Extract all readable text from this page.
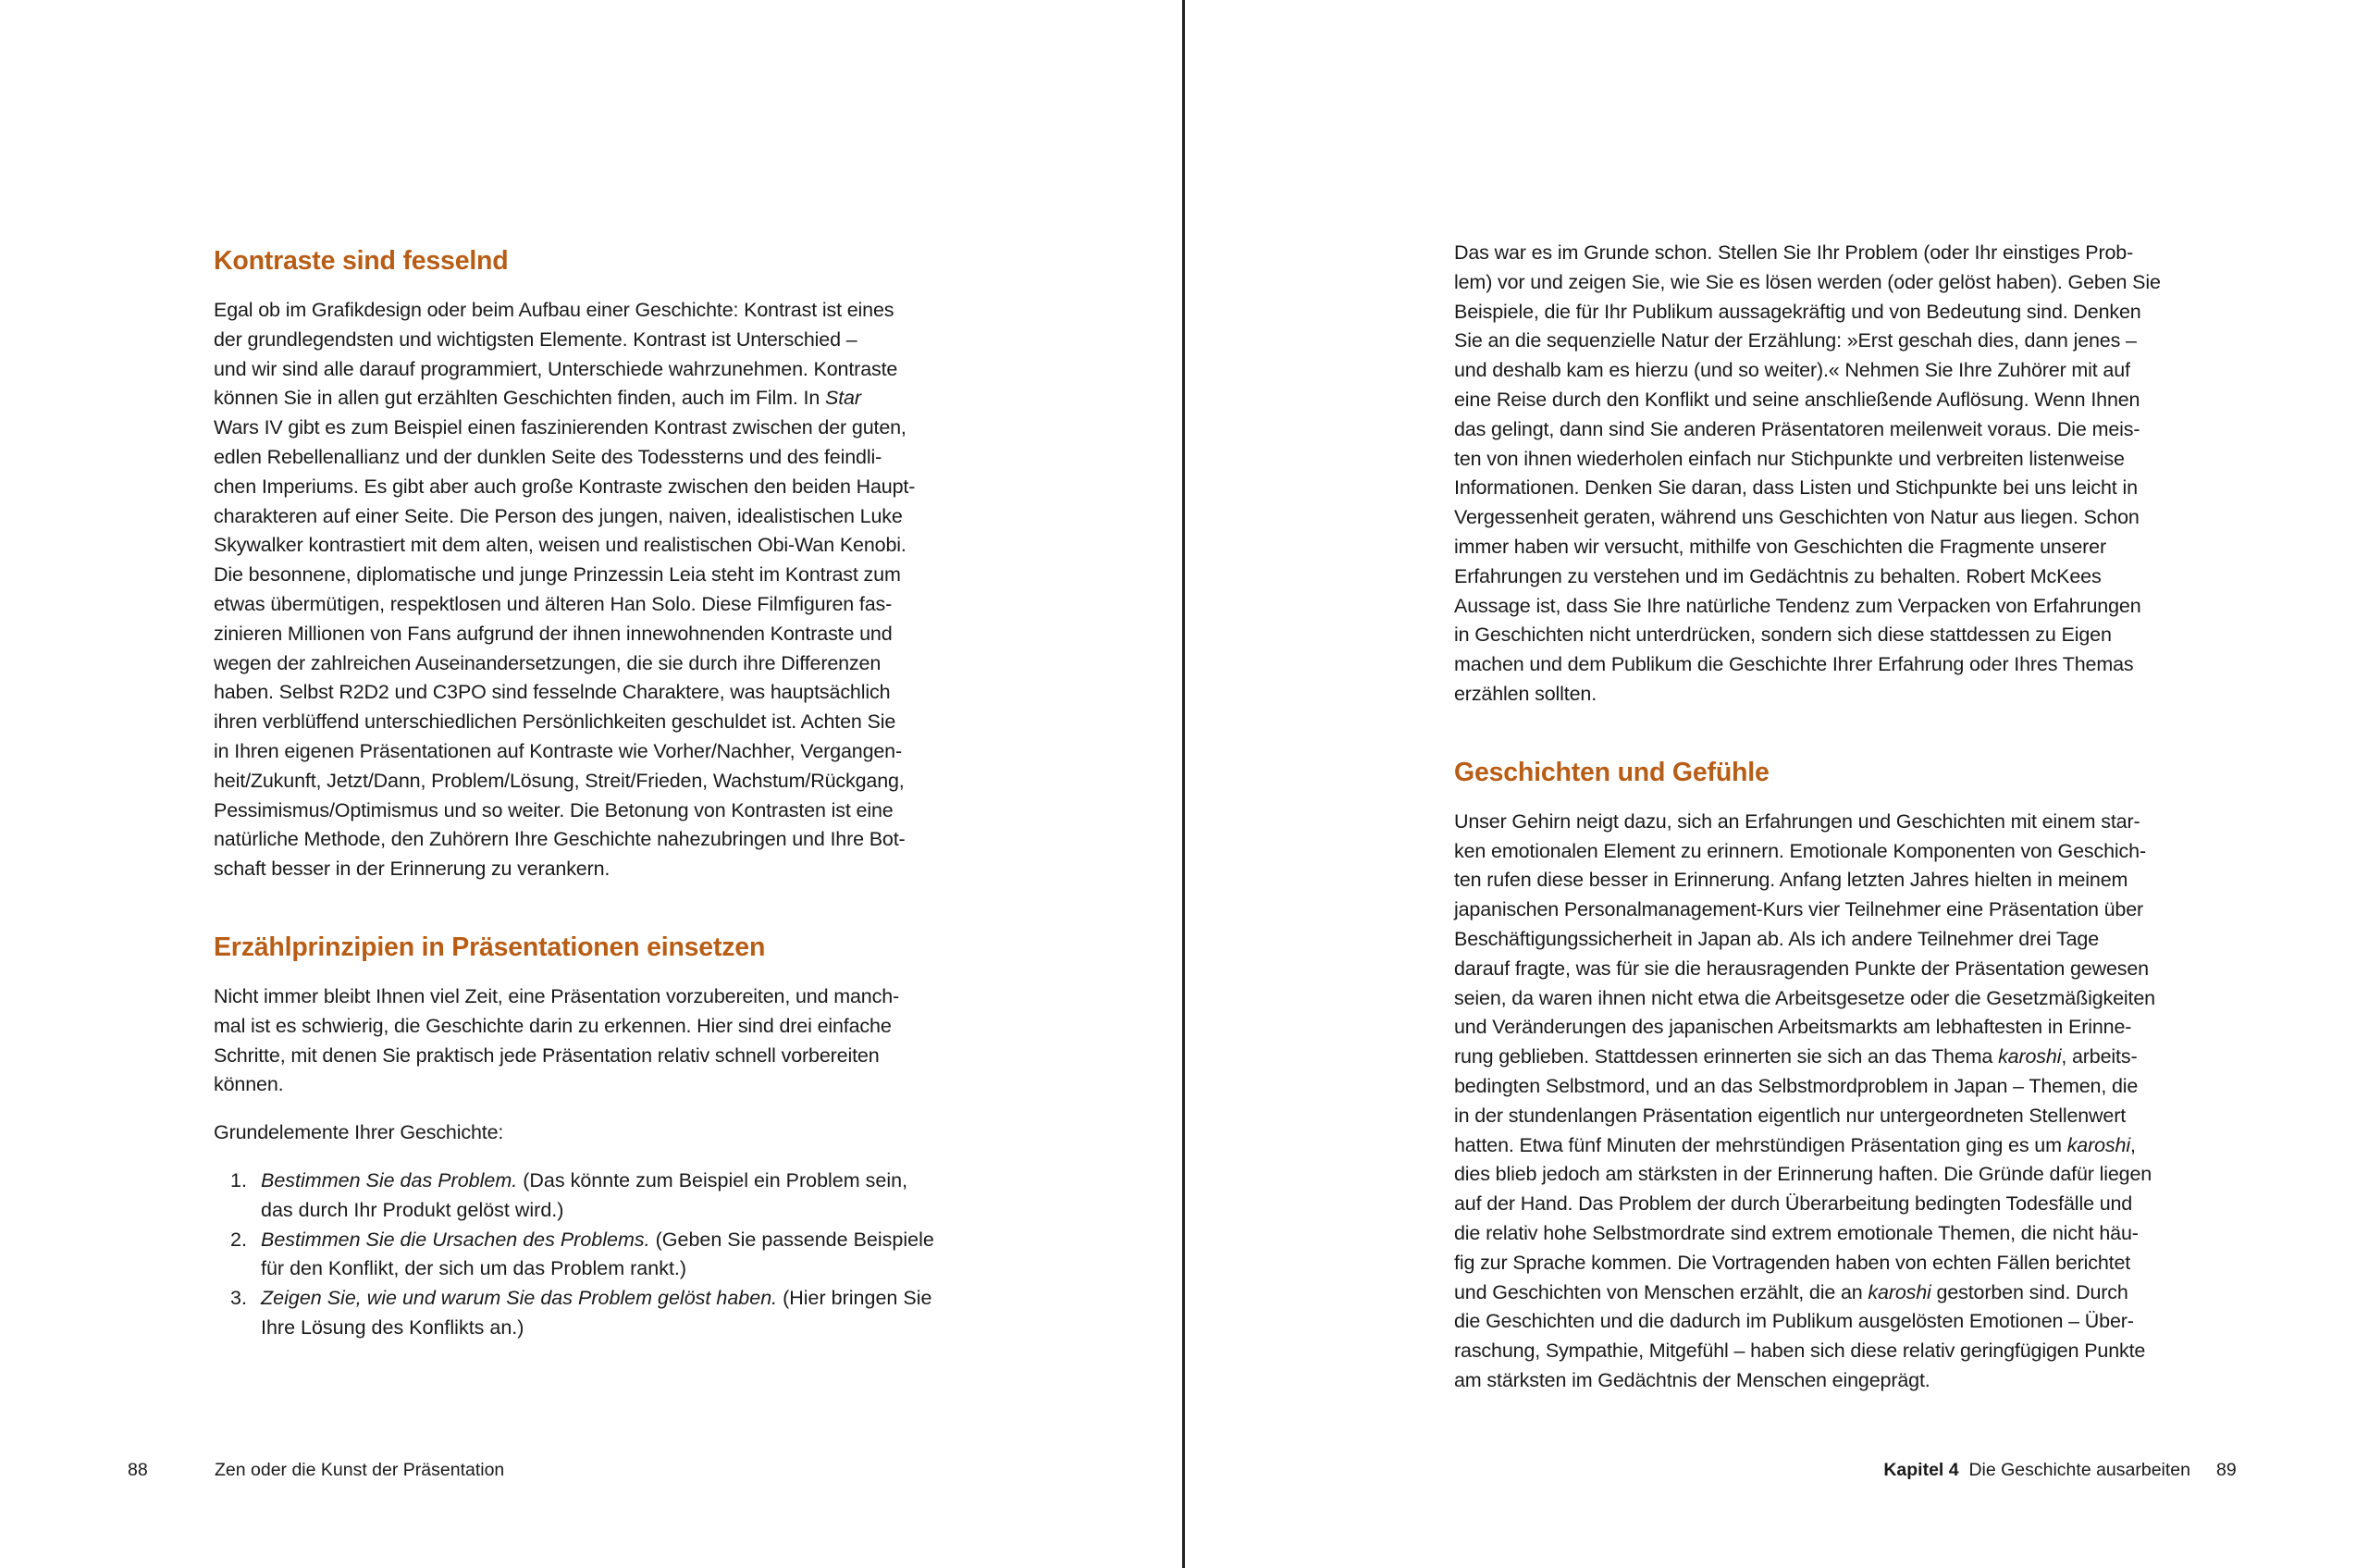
Kontraste sind fesselnd

Egal ob im Grafikdesign oder beim Aufbau einer Geschichte: Kontrast ist eines
der grundlegendsten und wichtigsten Elemente. Kontrast ist Unterschied –
und wir sind alle darauf programmiert, Unterschiede wahrzunehmen. Kontraste
können Sie in allen gut erzählten Geschichten finden, auch im Film. In Star
Wars IV gibt es zum Beispiel einen faszinierenden Kontrast zwischen der guten,
edlen Rebellenallianz und der dunklen Seite des Todessterns und des feindli-
chen Imperiums. Es gibt aber auch große Kontraste zwischen den beiden Haupt-
charakteren auf einer Seite. Die Person des jungen, naiven, idealistischen Luke
Skywalker kontrastiert mit dem alten, weisen und realistischen Obi-Wan Kenobi.
Die besonnene, diplomatische und junge Prinzessin Leia steht im Kontrast zum
etwas übermütigen, respektlosen und älteren Han Solo. Diese Filmfiguren fas-
zinieren Millionen von Fans aufgrund der ihnen innewohnenden Kontraste und
wegen der zahlreichen Auseinandersetzungen, die sie durch ihre Differenzen
haben. Selbst R2D2 und C3PO sind fesselnde Charaktere, was hauptsächlich
ihren verblüffend unterschiedlichen Persönlichkeiten geschuldet ist. Achten Sie
in Ihren eigenen Präsentationen auf Kontraste wie Vorher/Nachher, Vergangen-
heit/Zukunft, Jetzt/Dann, Problem/Lösung, Streit/Frieden, Wachstum/Rückgang,
Pessimismus/Optimismus und so weiter. Die Betonung von Kontrasten ist eine
natürliche Methode, den Zuhörern Ihre Geschichte nahezubringen und Ihre Bot-
schaft besser in der Erinnerung zu verankern.

Erzählprinzipien in Präsentationen einsetzen

Nicht immer bleibt Ihnen viel Zeit, eine Präsentation vorzubereiten, und manch-
mal ist es schwierig, die Geschichte darin zu erkennen. Hier sind drei einfache
Schritte, mit denen Sie praktisch jede Präsentation relativ schnell vorbereiten
können.

Grundelemente Ihrer Geschichte:

1. Bestimmen Sie das Problem. (Das könnte zum Beispiel ein Problem sein,
das durch Ihr Produkt gelöst wird.)
2. Bestimmen Sie die Ursachen des Problems. (Geben Sie passende Beispiele
für den Konflikt, der sich um das Problem rankt.)
3. Zeigen Sie, wie und warum Sie das Problem gelöst haben. (Hier bringen Sie
Ihre Lösung des Konflikts an.)
88	Zen oder die Kunst der Präsentation

Das war es im Grunde schon. Stellen Sie Ihr Problem (oder Ihr einstiges Prob-
lem) vor und zeigen Sie, wie Sie es lösen werden (oder gelöst haben). Geben Sie
Beispiele, die für Ihr Publikum aussagekräftig und von Bedeutung sind. Denken
Sie an die sequenzielle Natur der Erzählung: »Erst geschah dies, dann jenes –
und deshalb kam es hierzu (und so weiter).« Nehmen Sie Ihre Zuhörer mit auf
eine Reise durch den Konflikt und seine anschließende Auflösung. Wenn Ihnen
das gelingt, dann sind Sie anderen Präsentatoren meilenweit voraus. Die meis-
ten von ihnen wiederholen einfach nur Stichpunkte und verbreiten listenweise
Informationen. Denken Sie daran, dass Listen und Stichpunkte bei uns leicht in
Vergessenheit geraten, während uns Geschichten von Natur aus liegen. Schon
immer haben wir versucht, mithilfe von Geschichten die Fragmente unserer
Erfahrungen zu verstehen und im Gedächtnis zu behalten. Robert McKees
Aussage ist, dass Sie Ihre natürliche Tendenz zum Verpacken von Erfahrungen
in Geschichten nicht unterdrücken, sondern sich diese stattdessen zu Eigen
machen und dem Publikum die Geschichte Ihrer Erfahrung oder Ihres Themas
erzählen sollten.

Geschichten und Gefühle

Unser Gehirn neigt dazu, sich an Erfahrungen und Geschichten mit einem star-
ken emotionalen Element zu erinnern. Emotionale Komponenten von Geschich-
ten rufen diese besser in Erinnerung. Anfang letzten Jahres hielten in meinem
japanischen Personalmanagement-Kurs vier Teilnehmer eine Präsentation über
Beschäftigungssicherheit in Japan ab. Als ich andere Teilnehmer drei Tage
darauf fragte, was für sie die herausragenden Punkte der Präsentation gewesen
seien, da waren ihnen nicht etwa die Arbeitsgesetze oder die Gesetzmäßigkeiten
und Veränderungen des japanischen Arbeitsmarkts am lebhaftesten in Erinne-
rung geblieben. Stattdessen erinnerten sie sich an das Thema karoshi, arbeits-
bedingten Selbstmord, und an das Selbstmordproblem in Japan – Themen, die
in der stundenlangen Präsentation eigentlich nur untergeordneten Stellenwert
hatten. Etwa fünf Minuten der mehrstündigen Präsentation ging es um karoshi,
dies blieb jedoch am stärksten in der Erinnerung haften. Die Gründe dafür liegen
auf der Hand. Das Problem der durch Überarbeitung bedingten Todesfälle und
die relativ hohe Selbstmordrate sind extrem emotionale Themen, die nicht häu-
fig zur Sprache kommen. Die Vortragenden haben von echten Fällen berichtet
und Geschichten von Menschen erzählt, die an karoshi gestorben sind. Durch
die Geschichten und die dadurch im Publikum ausgelösten Emotionen – Über-
raschung, Sympathie, Mitgefühl – haben sich diese relativ geringfügigen Punkte
am stärksten im Gedächtnis der Menschen eingeprägt.

Kapitel 4 Die Geschichte ausarbeiten 89
